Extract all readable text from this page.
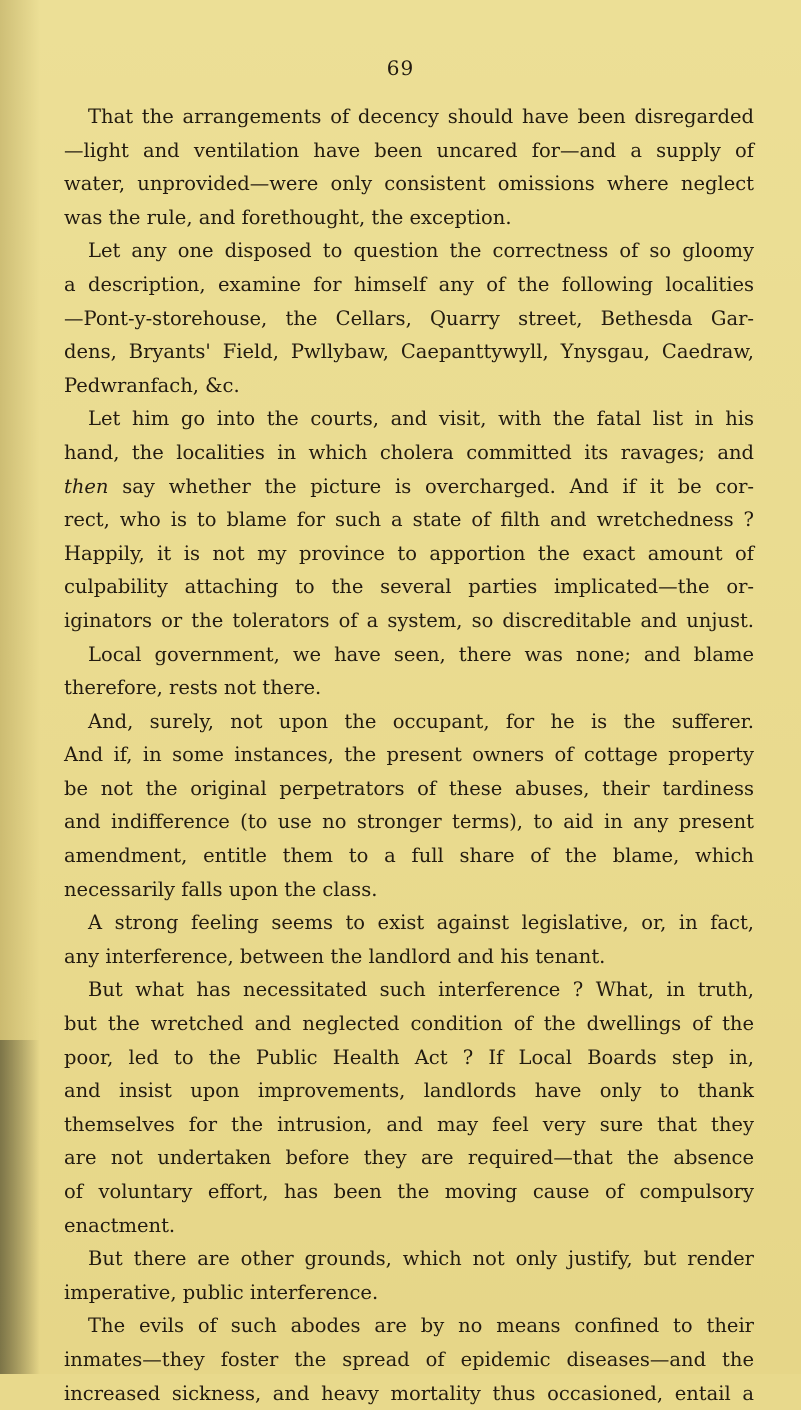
69
That the arrangements of decency should have been disregarded
—light and ventilation have been uncared for—and a supply of
water, unprovided—were only consistent omissions where neglect
was the rule, and forethought, the exception.
Let any one disposed to question the correctness of so gloomy
a description, examine for himself any of the following localities
—Pont-y-storehouse, the Cellars, Quarry street, Bethesda Gar-
dens, Bryants' Field, Pwllybaw, Caepanttywyll, Ynysgau, Caedraw,
Pedwranfach, &c.
Let him go into the courts, and visit, with the fatal list in his
hand, the localities in which cholera committed its ravages; and
then say whether the picture is overcharged. And if it be cor-
rect, who is to blame for such a state of filth and wretchedness ?
Happily, it is not my province to apportion the exact amount of
culpability attaching to the several parties implicated—the or-
iginators or the tolerators of a system, so discreditable and unjust.
Local government, we have seen, there was none; and blame
therefore, rests not there.
And, surely, not upon the occupant, for he is the sufferer.
And if, in some instances, the present owners of cottage property
be not the original perpetrators of these abuses, their tardiness
and indifference (to use no stronger terms), to aid in any present
amendment, entitle them to a full share of the blame, which
necessarily falls upon the class.
A strong feeling seems to exist against legislative, or, in fact,
any interference, between the landlord and his tenant.
But what has necessitated such interference ? What, in truth,
but the wretched and neglected condition of the dwellings of the
poor, led to the Public Health Act ? If Local Boards step in,
and insist upon improvements, landlords have only to thank
themselves for the intrusion, and may feel very sure that they
are not undertaken before they are required—that the absence
of voluntary effort, has been the moving cause of compulsory
enactment.
But there are other grounds, which not only justify, but render
imperative, public interference.
The evils of such abodes are by no means confined to their
inmates—they foster the spread of epidemic diseases—and the
increased sickness, and heavy mortality thus occasioned, entail a
